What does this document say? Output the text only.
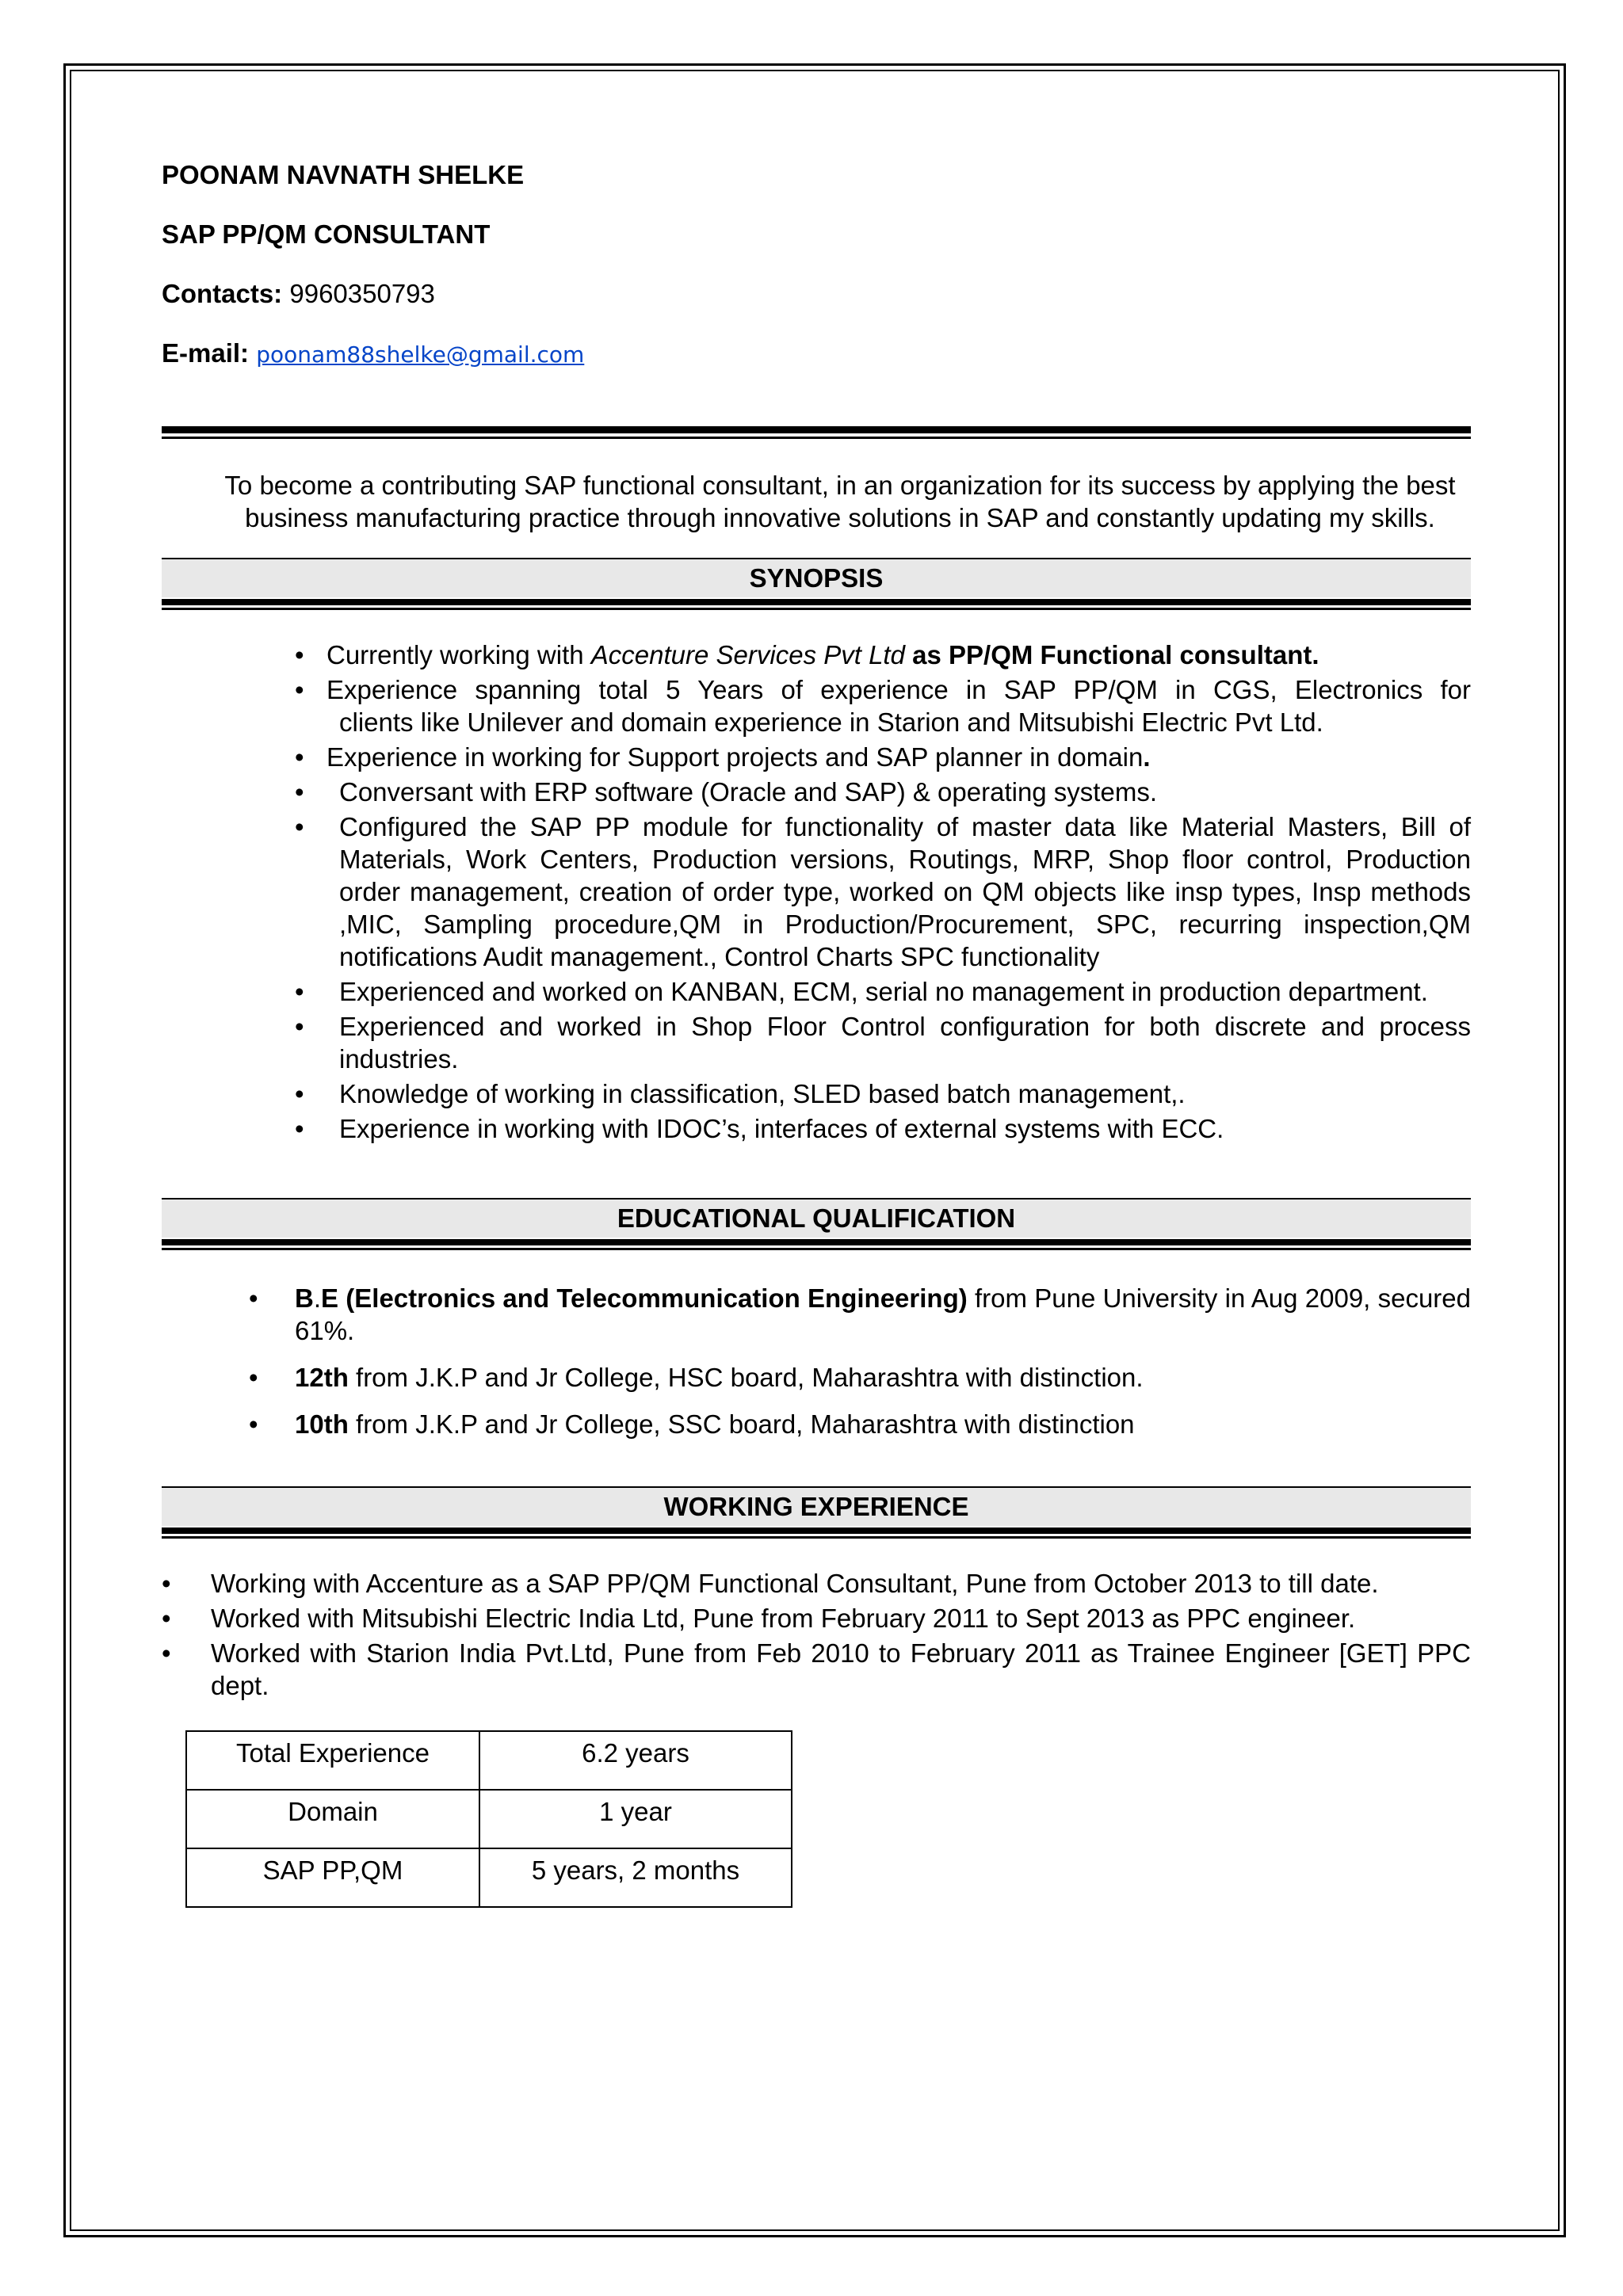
POONAM NAVNATH SHELKE

SAP PP/QM CONSULTANT

Contacts: 9960350793

E-mail: poonam88shelke@gmail.com

To become a contributing SAP functional consultant, in an organization for its success by applying the best business manufacturing practice through innovative solutions in SAP and constantly updating my skills.

SYNOPSIS
• Currently working with Accenture Services Pvt Ltd as PP/QM Functional consultant.
• Experience spanning total 5 Years of experience in SAP PP/QM in CGS, Electronics for
clients like Unilever and domain experience in Starion and Mitsubishi Electric Pvt Ltd.
• Experience in working for Support projects and SAP planner in domain.
•	Conversant with ERP software (Oracle and SAP) & operating systems.
•	Configured the SAP PP module for functionality of master data like Material Masters, Bill of Materials, Work Centers, Production versions, Routings, MRP, Shop floor control, Production order management, creation of order type, worked on QM objects like insp types, Insp methods ,MIC, Sampling procedure,QM in Production/Procurement, SPC, recurring inspection,QM notifications Audit management., Control Charts SPC functionality
•	Experienced and worked on KANBAN, ECM, serial no management in production department.
•	Experienced and worked in Shop Floor Control configuration for both discrete and process industries.
•	Knowledge of working in classification, SLED based batch management,.
•	Experience in working with IDOC’s, interfaces of external systems with ECC.
EDUCATIONAL QUALIFICATION
•	B.E (Electronics and Telecommunication Engineering) from Pune University in Aug 2009, secured 61%.
•	12th from J.K.P and Jr College, HSC board, Maharashtra with distinction.
•	10th from J.K.P and Jr College, SSC board, Maharashtra with distinction
WORKING EXPERIENCE
•	Working with Accenture as a SAP PP/QM Functional Consultant, Pune from October 2013 to till date.
•	Worked with Mitsubishi Electric India Ltd, Pune from February 2011 to Sept 2013 as PPC engineer.
•	Worked with Starion India Pvt.Ltd, Pune from Feb 2010 to February 2011 as Trainee Engineer [GET] PPC dept.
Total Experience	6.2 years
Domain	1 year
SAP PP,QM	5 years, 2 months
